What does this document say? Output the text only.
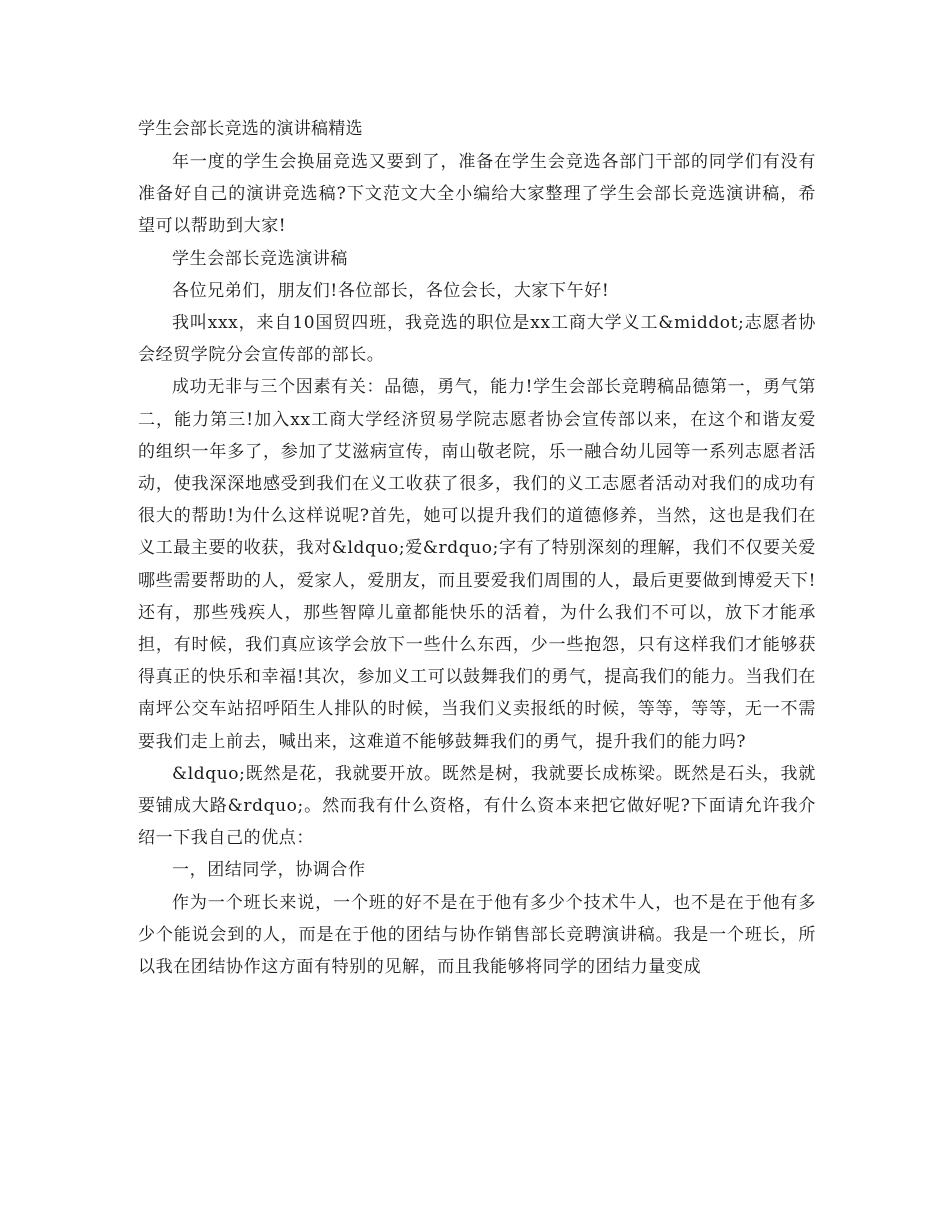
学生会部长竞选的演讲稿精选

年一度的学生会换届竞选又要到了，准备在学生会竞选各部门干部的同学们有没有准备好自己的演讲竞选稿?下文范文大全小编给大家整理了学生会部长竞选演讲稿，希望可以帮助到大家!

学生会部长竞选演讲稿

各位兄弟们，朋友们!各位部长，各位会长，大家下午好!

我叫xxx，来自10国贸四班，我竞选的职位是xx工商大学义工&middot;志愿者协会经贸学院分会宣传部的部长。

成功无非与三个因素有关：品德，勇气，能力!学生会部长竞聘稿品德第一，勇气第二，能力第三!加入xx工商大学经济贸易学院志愿者协会宣传部以来，在这个和谐友爱的组织一年多了，参加了艾滋病宣传，南山敬老院，乐一融合幼儿园等一系列志愿者活动，使我深深地感受到我们在义工收获了很多，我们的义工志愿者活动对我们的成功有很大的帮助!为什么这样说呢?首先，她可以提升我们的道德修养，当然，这也是我们在义工最主要的收获，我对&ldquo;爱&rdquo;字有了特别深刻的理解，我们不仅要关爱哪些需要帮助的人，爱家人，爱朋友，而且要爱我们周围的人，最后更要做到博爱天下!还有，那些残疾人，那些智障儿童都能快乐的活着，为什么我们不可以，放下才能承担，有时候，我们真应该学会放下一些什么东西，少一些抱怨，只有这样我们才能够获得真正的快乐和幸福!其次，参加义工可以鼓舞我们的勇气，提高我们的能力。当我们在南坪公交车站招呼陌生人排队的时候，当我们义卖报纸的时候，等等，等等，无一不需要我们走上前去，喊出来，这难道不能够鼓舞我们的勇气，提升我们的能力吗?

&ldquo;既然是花，我就要开放。既然是树，我就要长成栋梁。既然是石头，我就要铺成大路&rdquo;。然而我有什么资格，有什么资本来把它做好呢?下面请允许我介绍一下我自己的优点：

一，团结同学，协调合作

作为一个班长来说，一个班的好不是在于他有多少个技术牛人，也不是在于他有多少个能说会到的人，而是在于他的团结与协作销售部长竞聘演讲稿。我是一个班长，所以我在团结协作这方面有特别的见解，而且我能够将同学的团结力量变成
